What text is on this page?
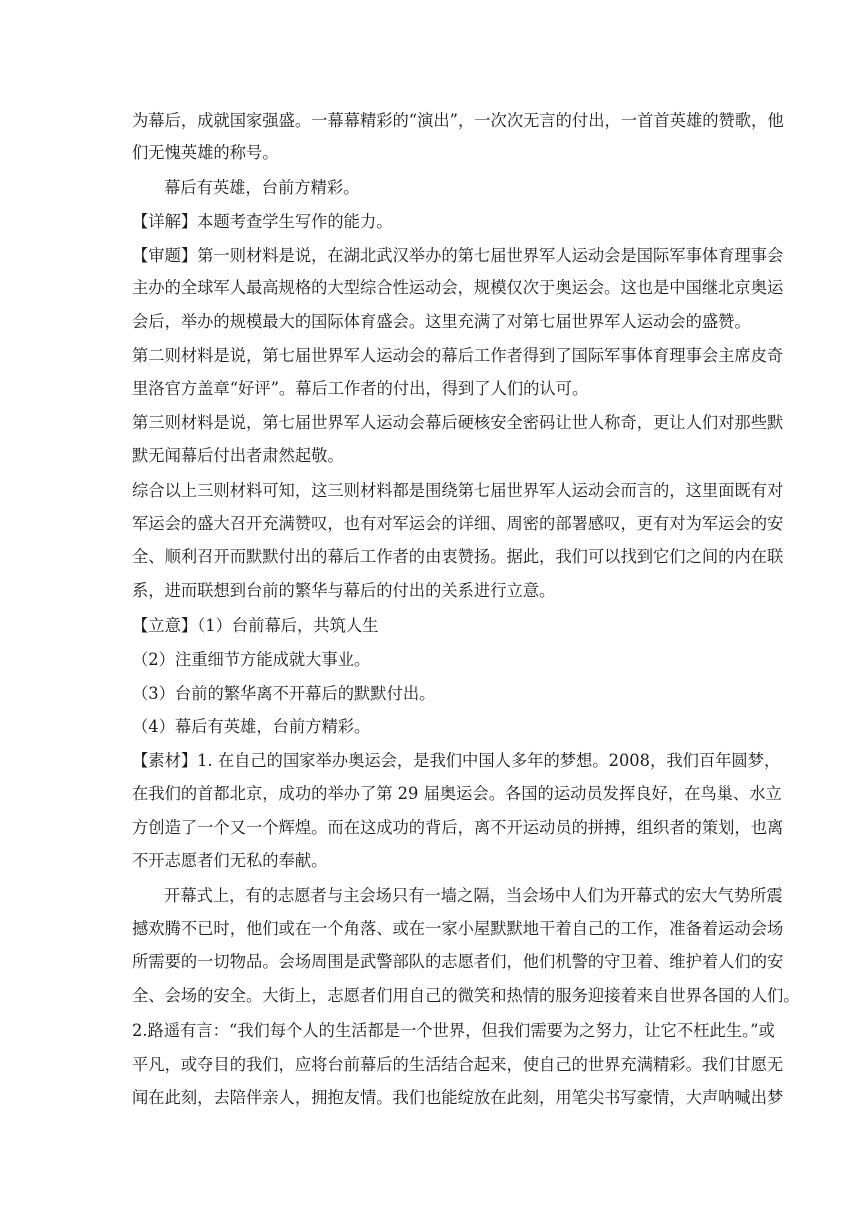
为幕后，成就国家强盛。一幕幕精彩的“演出”，一次次无言的付出，一首首英雄的赞歌，他
们无愧英雄的称号。
幕后有英雄，台前方精彩。
【详解】本题考查学生写作的能力。
【审题】第一则材料是说，在湖北武汉举办的第七届世界军人运动会是国际军事体育理事会
主办的全球军人最高规格的大型综合性运动会，规模仅次于奥运会。这也是中国继北京奥运
会后，举办的规模最大的国际体育盛会。这里充满了对第七届世界军人运动会的盛赞。
第二则材料是说，第七届世界军人运动会的幕后工作者得到了国际军事体育理事会主席皮奇
里洛官方盖章“好评”。幕后工作者的付出，得到了人们的认可。
第三则材料是说，第七届世界军人运动会幕后硬核安全密码让世人称奇，更让人们对那些默
默无闻幕后付出者肃然起敬。
综合以上三则材料可知，这三则材料都是围绕第七届世界军人运动会而言的，这里面既有对
军运会的盛大召开充满赞叹，也有对军运会的详细、周密的部署感叹，更有对为军运会的安
全、顺利召开而默默付出的幕后工作者的由衷赞扬。据此，我们可以找到它们之间的内在联
系，进而联想到台前的繁华与幕后的付出的关系进行立意。
【立意】（1）台前幕后，共筑人生
（2）注重细节方能成就大事业。
（3）台前的繁华离不开幕后的默默付出。
（4）幕后有英雄，台前方精彩。
【素材】1. 在自己的国家举办奥运会，是我们中国人多年的梦想。2008，我们百年圆梦，
在我们的首都北京，成功的举办了第 29 届奥运会。各国的运动员发挥良好，在鸟巢、水立
方创造了一个又一个辉煌。而在这成功的背后，离不开运动员的拼搏，组织者的策划，也离
不开志愿者们无私的奉献。
开幕式上，有的志愿者与主会场只有一墙之隔，当会场中人们为开幕式的宏大气势所震
撼欢腾不已时，他们或在一个角落、或在一家小屋默默地干着自己的工作，准备着运动会场
所需要的一切物品。会场周围是武警部队的志愿者们，他们机警的守卫着、维护着人们的安
全、会场的安全。大街上，志愿者们用自己的微笑和热情的服务迎接着来自世界各国的人们。
2.路遥有言：“我们每个人的生活都是一个世界，但我们需要为之努力，让它不枉此生。”或
平凡，或夺目的我们，应将台前幕后的生活结合起来，使自己的世界充满精彩。我们甘愿无
闻在此刻，去陪伴亲人，拥抱友情。我们也能绽放在此刻，用笔尖书写豪情，大声呐喊出梦
